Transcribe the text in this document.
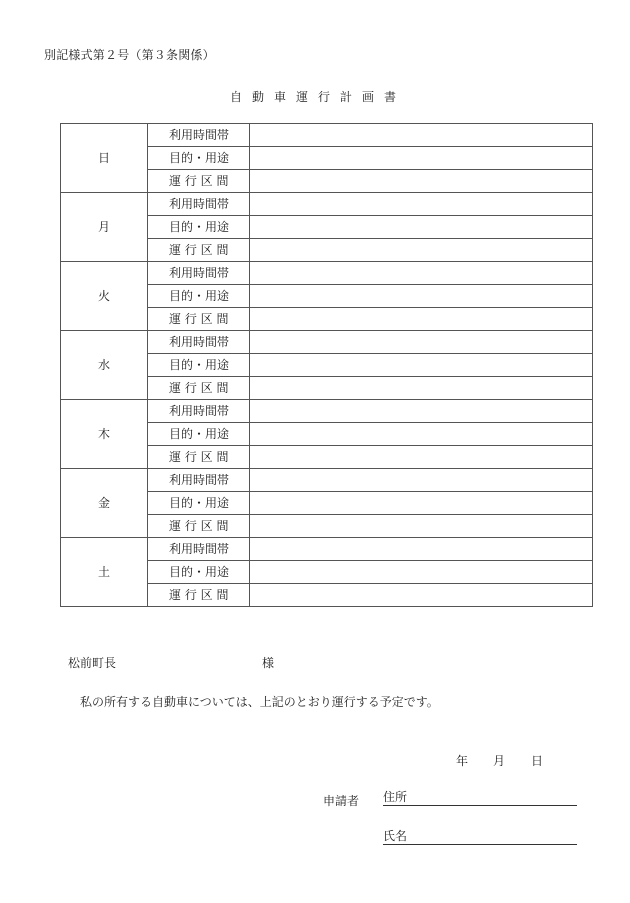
別記様式第２号（第３条関係）
自動車運行計画書
日	利用時間帯	
	目的・用途	
	運 行 区 間	
月	利用時間帯	
	目的・用途	
	運 行 区 間	
火	利用時間帯	
	目的・用途	
	運 行 区 間	
水	利用時間帯	
	目的・用途	
	運 行 区 間	
木	利用時間帯	
	目的・用途	
	運 行 区 間	
金	利用時間帯	
	目的・用途	
	運 行 区 間	
土	利用時間帯	
	目的・用途	
	運 行 区 間	
松前町長	様
私の所有する自動車については、上記のとおり運行する予定です。
年 月 日
申請者 住所
氏名
